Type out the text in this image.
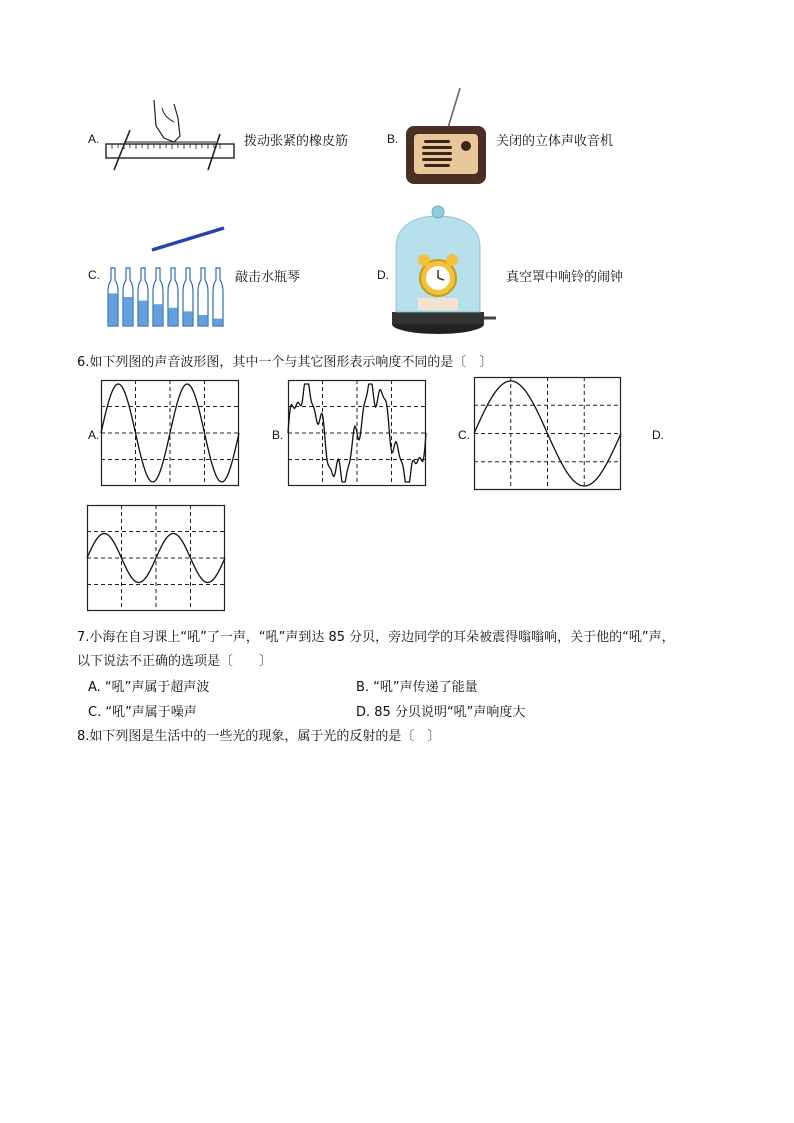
A.	拨动张紧的橡皮筋	B.	关闭的立体声收音机
C.	敲击水瓶琴	D.	真空罩中响铃的闹钟
6.如下列图的声音波形图，其中一个与其它图形表示响度不同的是〔　〕
A.	B.	C.	D.
7.小海在自习课上“吼”了一声，“吼”声到达 85 分贝，旁边同学的耳朵被震得嗡嗡响，关于他的“吼”声，
以下说法不正确的选项是〔　　〕
A. “吼”声属于超声波	B. “吼”声传递了能量
C. “吼”声属于噪声	D. 85 分贝说明“吼”声响度大
8.如下列图是生活中的一些光的现象，属于光的反射的是〔　〕
